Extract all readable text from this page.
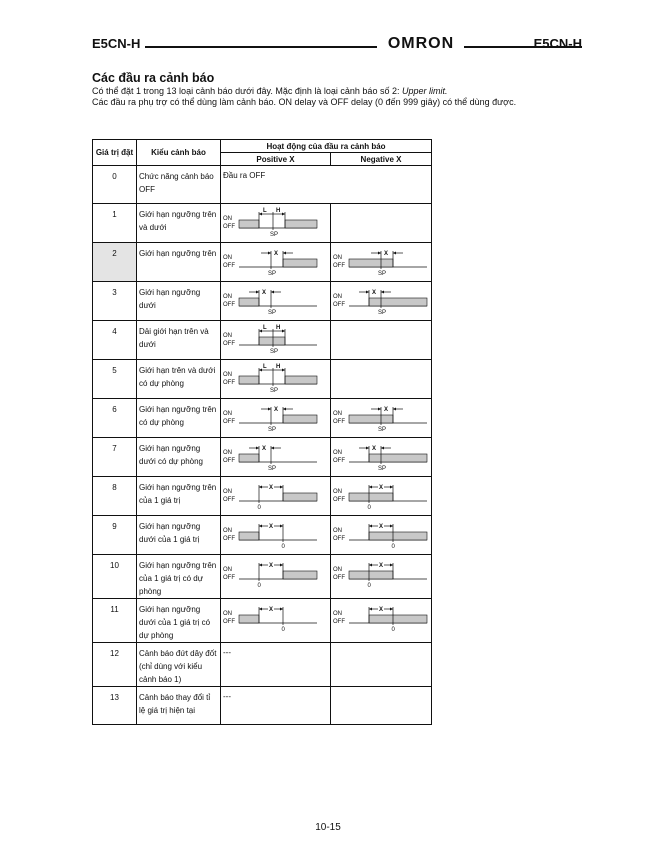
E5CN-H	OMRON	E5CN-H
Các đầu ra cảnh báo
Có thể đặt 1 trong 13 loại cảnh báo dưới đây. Mặc định là loại cảnh báo số 2: Upper limit.
Các đầu ra phụ trợ có thể dùng làm cảnh báo. ON delay và OFF delay (0 đến 999 giây) có thể dùng được.
Giá trị đặt	Kiểu cảnh báo	Hoạt động của đầu ra cảnh báo	
		Positive X	Negative X
0	Chức năng cảnh báo OFF	Đầu ra OFF	
1	Giới hạn ngưỡng trên và dưới	ON
OFF
L H
SP	

2	Giới hạn ngưỡng trên	ON
OFF
X
SP	ON
OFF
X
SP

3	Giới hạn ngưỡng dưới	ON
OFF
X
SP	ON
OFF
X
SP

4	Dải giới hạn trên và dưới	ON
OFF
L H
SP	

5	Giới hạn trên và dưới có dự phòng	ON
OFF
L H
SP	

6	Giới hạn ngưỡng trên có dự phòng	ON
OFF
X
SP	ON
OFF
X
SP

7	Giới hạn ngưỡng dưới có dự phòng	ON
OFF
X
SP	ON
OFF
X
SP

8	Giới hạn ngưỡng trên của 1 giá trị	ON
OFF
X
0	ON
OFF
X
0

9	Giới hạn ngưỡng dưới của 1 giá trị	ON
OFF
X
0	ON
OFF
X
0

10	Giới hạn ngưỡng trên của 1 giá trị có dự phòng	ON
OFF
X
0	ON
OFF
X
0

11	Giới hạn ngưỡng dưới của 1 giá trị có dự phòng	ON
OFF
X
0	ON
OFF
X
0

12	Cảnh báo đứt dây đốt (chỉ dùng với kiểu cảnh báo 1)	---	
13	Cảnh báo thay đổi tỉ lệ giá trị hiện tại	---	
10-15
